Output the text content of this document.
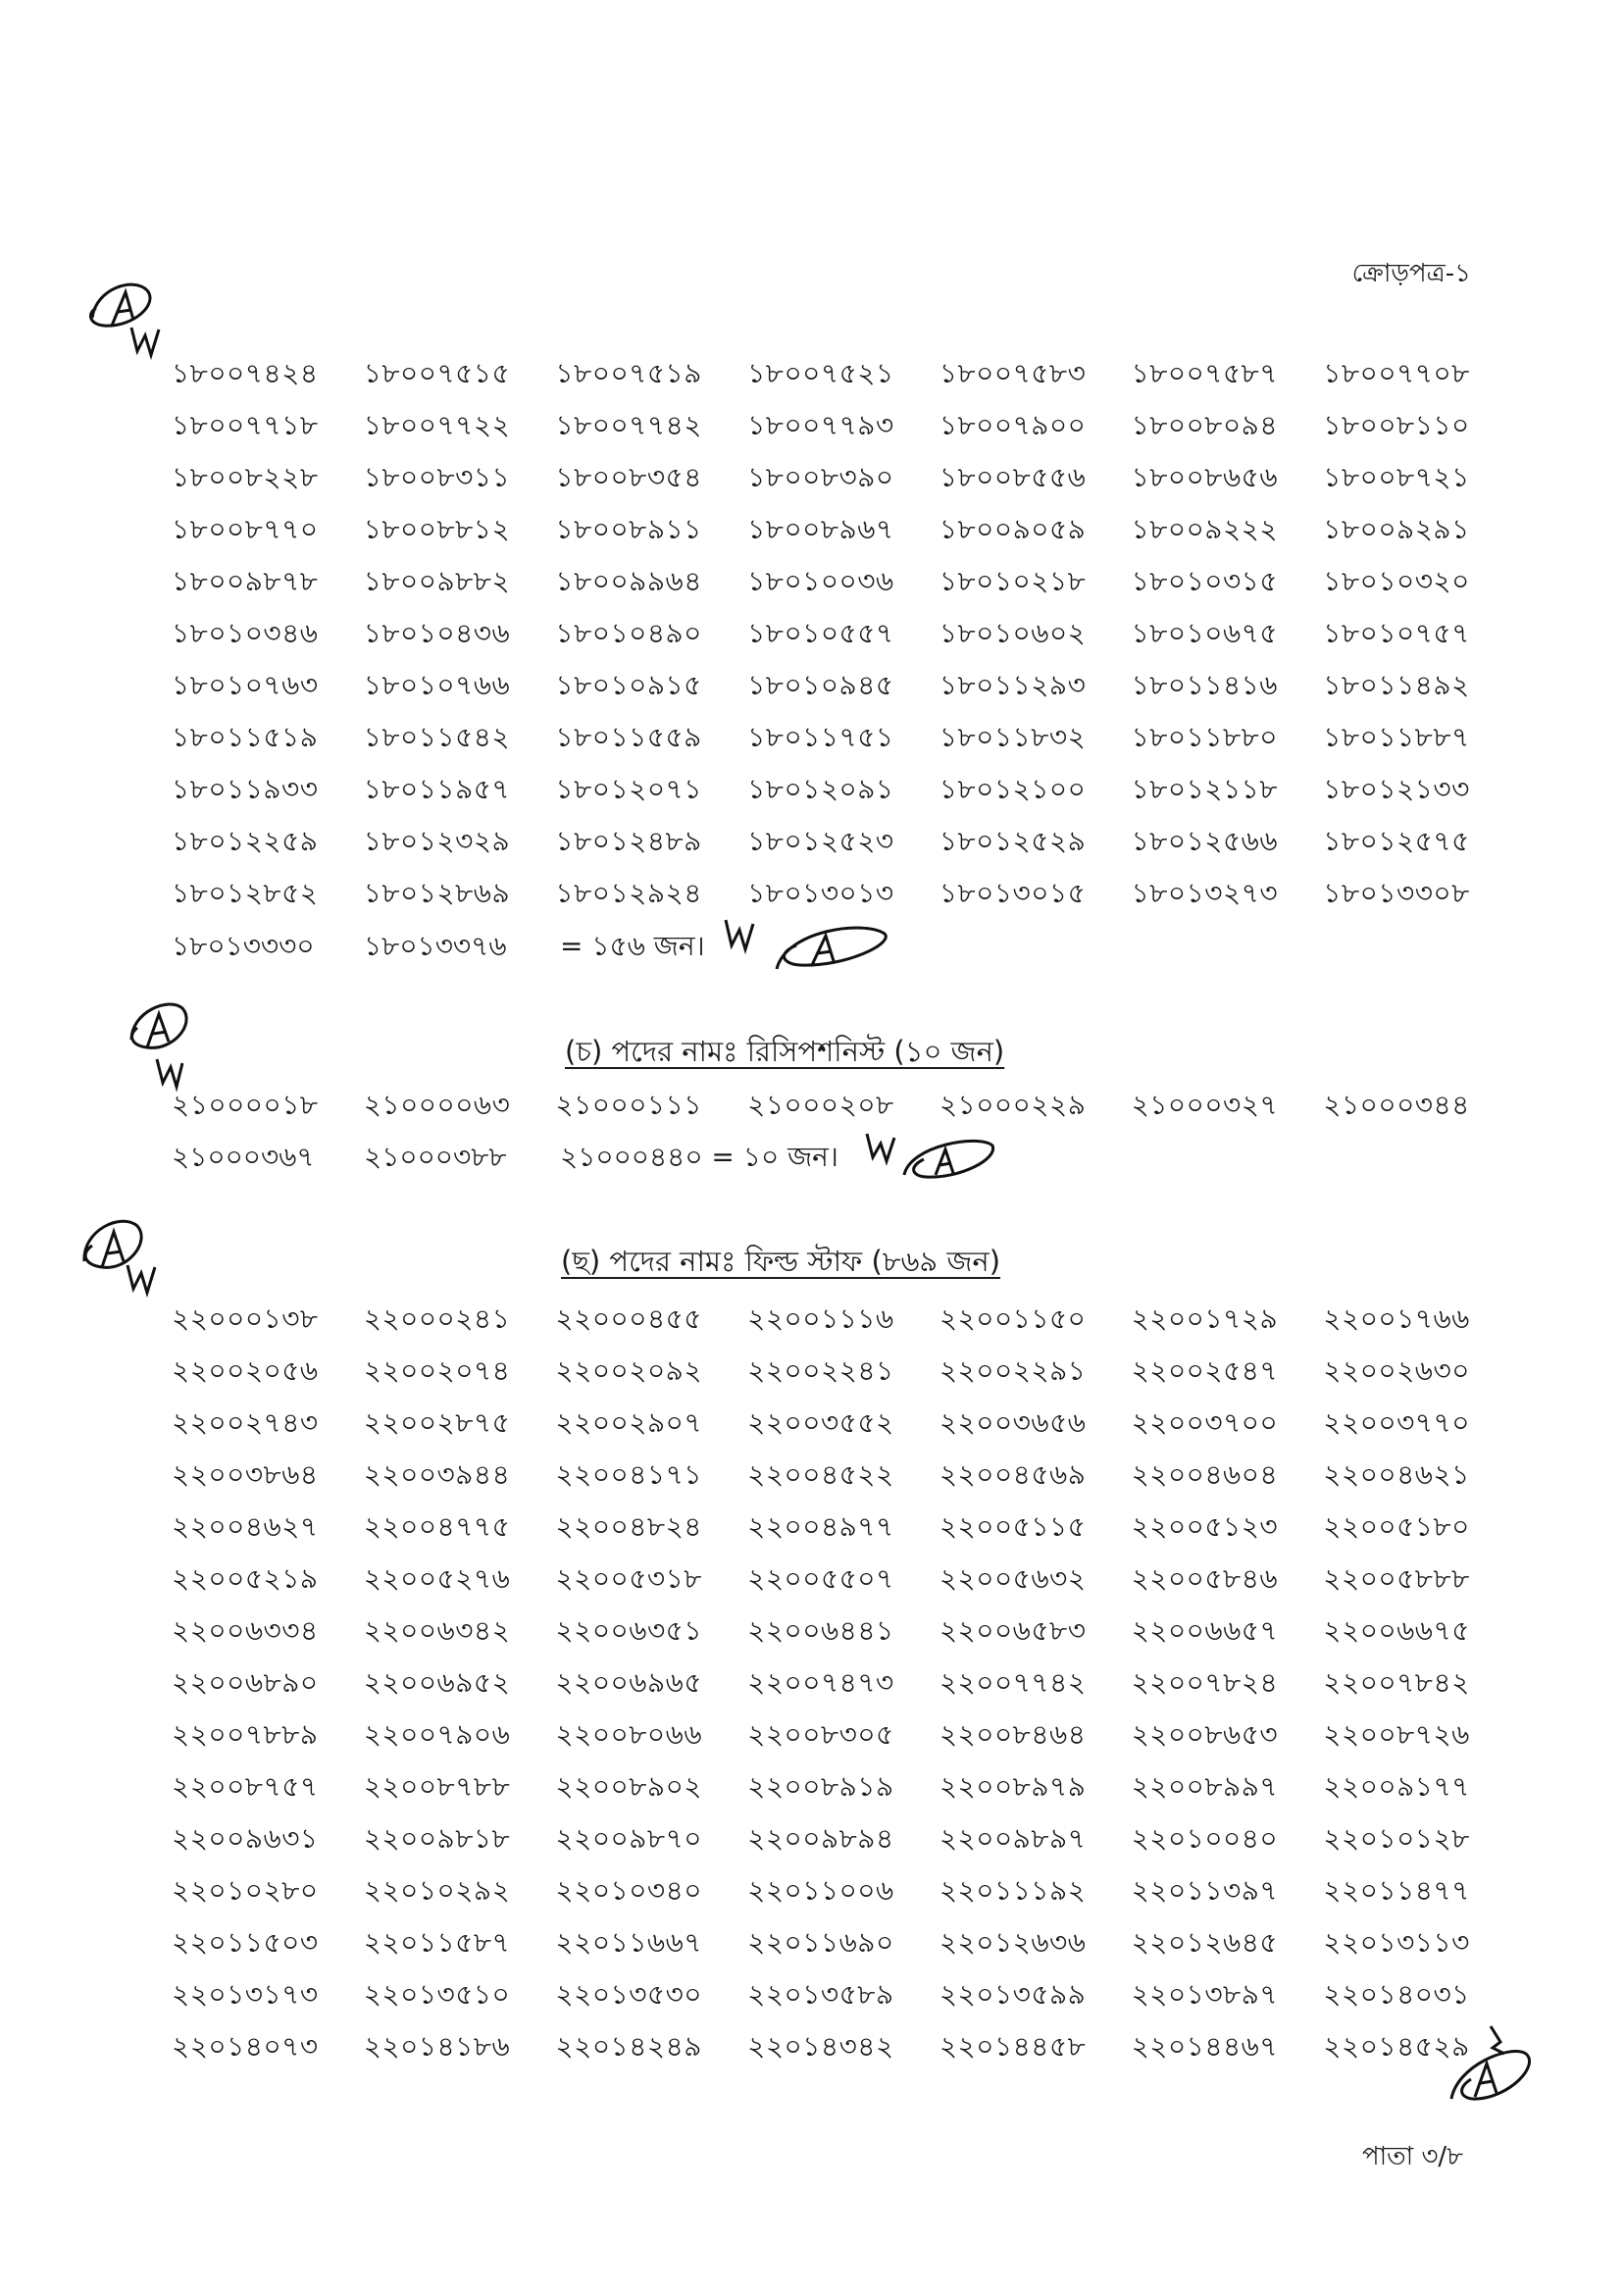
ক্রোড়পত্র-১
১৮০০৭৪২৪	১৮০০৭৫১৫	১৮০০৭৫১৯	১৮০০৭৫২১	১৮০০৭৫৮৩	১৮০০৭৫৮৭	১৮০০৭৭০৮
১৮০০৭৭১৮	১৮০০৭৭২২	১৮০০৭৭৪২	১৮০০৭৭৯৩	১৮০০৭৯০০	১৮০০৮০৯৪	১৮০০৮১১০
১৮০০৮২২৮	১৮০০৮৩১১	১৮০০৮৩৫৪	১৮০০৮৩৯০	১৮০০৮৫৫৬	১৮০০৮৬৫৬	১৮০০৮৭২১
১৮০০৮৭৭০	১৮০০৮৮১২	১৮০০৮৯১১	১৮০০৮৯৬৭	১৮০০৯০৫৯	১৮০০৯২২২	১৮০০৯২৯১
১৮০০৯৮৭৮	১৮০০৯৮৮২	১৮০০৯৯৬৪	১৮০১০০৩৬	১৮০১০২১৮	১৮০১০৩১৫	১৮০১০৩২০
১৮০১০৩৪৬	১৮০১০৪৩৬	১৮০১০৪৯০	১৮০১০৫৫৭	১৮০১০৬০২	১৮০১০৬৭৫	১৮০১০৭৫৭
১৮০১০৭৬৩	১৮০১০৭৬৬	১৮০১০৯১৫	১৮০১০৯৪৫	১৮০১১২৯৩	১৮০১১৪১৬	১৮০১১৪৯২
১৮০১১৫১৯	১৮০১১৫৪২	১৮০১১৫৫৯	১৮০১১৭৫১	১৮০১১৮৩২	১৮০১১৮৮০	১৮০১১৮৮৭
১৮০১১৯৩৩	১৮০১১৯৫৭	১৮০১২০৭১	১৮০১২০৯১	১৮০১২১০০	১৮০১২১১৮	১৮০১২১৩৩
১৮০১২২৫৯	১৮০১২৩২৯	১৮০১২৪৮৯	১৮০১২৫২৩	১৮০১২৫২৯	১৮০১২৫৬৬	১৮০১২৫৭৫
১৮০১২৮৫২	১৮০১২৮৬৯	১৮০১২৯২৪	১৮০১৩০১৩	১৮০১৩০১৫	১৮০১৩২৭৩	১৮০১৩৩০৮
১৮০১৩৩৩০	১৮০১৩৩৭৬	= ১৫৬ জন।
(চ) পদের নামঃ রিসিপশনিস্ট (১০ জন)
২১০০০০১৮	২১০০০০৬৩	২১০০০১১১	২১০০০২০৮	২১০০০২২৯	২১০০০৩২৭	২১০০০৩৪৪
২১০০০৩৬৭	২১০০০৩৮৮	২১০০০৪৪০ = ১০ জন।
(ছ) পদের নামঃ ফিল্ড স্টাফ (৮৬৯ জন)
২২০০০১৩৮	২২০০০২৪১	২২০০০৪৫৫	২২০০১১১৬	২২০০১১৫০	২২০০১৭২৯	২২০০১৭৬৬
২২০০২০৫৬	২২০০২০৭৪	২২০০২০৯২	২২০০২২৪১	২২০০২২৯১	২২০০২৫৪৭	২২০০২৬৩০
২২০০২৭৪৩	২২০০২৮৭৫	২২০০২৯০৭	২২০০৩৫৫২	২২০০৩৬৫৬	২২০০৩৭০০	২২০০৩৭৭০
২২০০৩৮৬৪	২২০০৩৯৪৪	২২০০৪১৭১	২২০০৪৫২২	২২০০৪৫৬৯	২২০০৪৬০৪	২২০০৪৬২১
২২০০৪৬২৭	২২০০৪৭৭৫	২২০০৪৮২৪	২২০০৪৯৭৭	২২০০৫১১৫	২২০০৫১২৩	২২০০৫১৮০
২২০০৫২১৯	২২০০৫২৭৬	২২০০৫৩১৮	২২০০৫৫০৭	২২০০৫৬৩২	২২০০৫৮৪৬	২২০০৫৮৮৮
২২০০৬৩৩৪	২২০০৬৩৪২	২২০০৬৩৫১	২২০০৬৪৪১	২২০০৬৫৮৩	২২০০৬৬৫৭	২২০০৬৬৭৫
২২০০৬৮৯০	২২০০৬৯৫২	২২০০৬৯৬৫	২২০০৭৪৭৩	২২০০৭৭৪২	২২০০৭৮২৪	২২০০৭৮৪২
২২০০৭৮৮৯	২২০০৭৯০৬	২২০০৮০৬৬	২২০০৮৩০৫	২২০০৮৪৬৪	২২০০৮৬৫৩	২২০০৮৭২৬
২২০০৮৭৫৭	২২০০৮৭৮৮	২২০০৮৯০২	২২০০৮৯১৯	২২০০৮৯৭৯	২২০০৮৯৯৭	২২০০৯১৭৭
২২০০৯৬৩১	২২০০৯৮১৮	২২০০৯৮৭০	২২০০৯৮৯৪	২২০০৯৮৯৭	২২০১০০৪০	২২০১০১২৮
২২০১০২৮০	২২০১০২৯২	২২০১০৩৪০	২২০১১০০৬	২২০১১১৯২	২২০১১৩৯৭	২২০১১৪৭৭
২২০১১৫০৩	২২০১১৫৮৭	২২০১১৬৬৭	২২০১১৬৯০	২২০১২৬৩৬	২২০১২৬৪৫	২২০১৩১১৩
২২০১৩১৭৩	২২০১৩৫১০	২২০১৩৫৩০	২২০১৩৫৮৯	২২০১৩৫৯৯	২২০১৩৮৯৭	২২০১৪০৩১
২২০১৪০৭৩	২২০১৪১৮৬	২২০১৪২৪৯	২২০১৪৩৪২	২২০১৪৪৫৮	২২০১৪৪৬৭	২২০১৪৫২৯
পাতা ৩/৮
